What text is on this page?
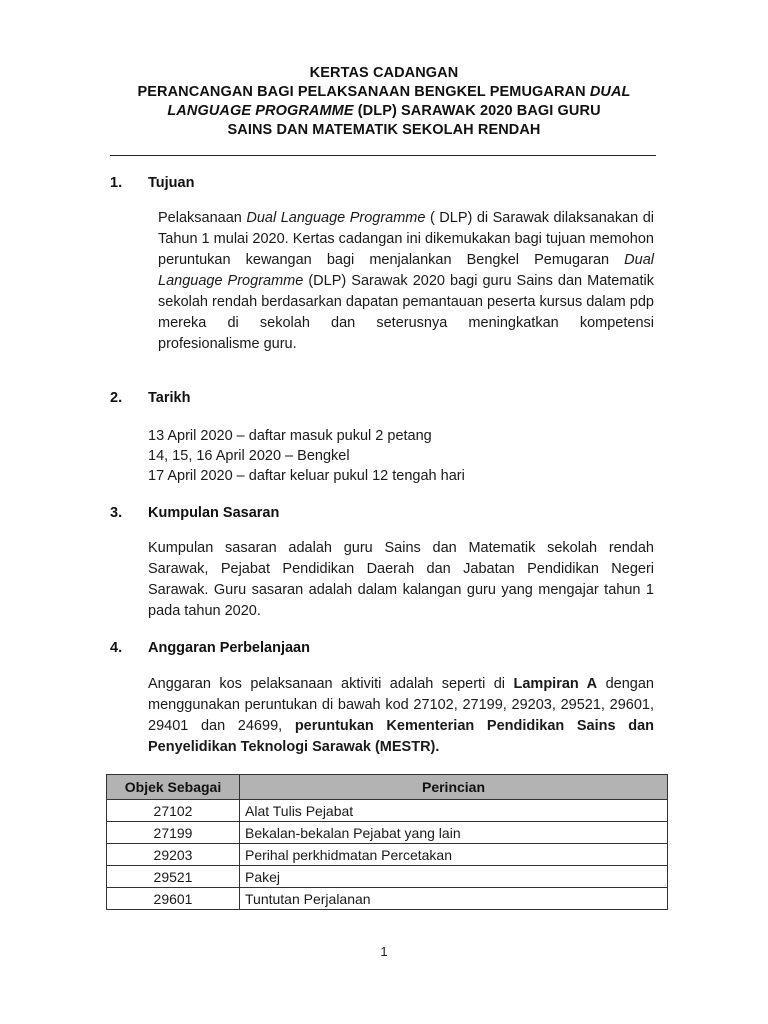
KERTAS CADANGAN
PERANCANGAN BAGI PELAKSANAAN BENGKEL PEMUGARAN DUAL
LANGUAGE PROGRAMME (DLP) SARAWAK 2020 BAGI GURU
SAINS DAN MATEMATIK SEKOLAH RENDAH
1. Tujuan
Pelaksanaan Dual Language Programme ( DLP) di Sarawak dilaksanakan di Tahun 1 mulai 2020. Kertas cadangan ini dikemukakan bagi tujuan memohon peruntukan kewangan bagi menjalankan Bengkel Pemugaran Dual Language Programme (DLP) Sarawak 2020 bagi guru Sains dan Matematik sekolah rendah berdasarkan dapatan pemantauan peserta kursus dalam pdp mereka di sekolah dan seterusnya meningkatkan kompetensi profesionalisme guru.
2. Tarikh
13 April 2020 – daftar masuk pukul 2 petang
14, 15, 16 April 2020 – Bengkel
17 April 2020 – daftar keluar pukul 12 tengah hari
3. Kumpulan Sasaran
Kumpulan sasaran adalah guru Sains dan Matematik sekolah rendah Sarawak, Pejabat Pendidikan Daerah dan Jabatan Pendidikan Negeri Sarawak. Guru sasaran adalah dalam kalangan guru yang mengajar tahun 1 pada tahun 2020.
4. Anggaran Perbelanjaan
Anggaran kos pelaksanaan aktiviti adalah seperti di Lampiran A dengan menggunakan peruntukan di bawah kod 27102, 27199, 29203, 29521, 29601, 29401 dan 24699, peruntukan Kementerian Pendidikan Sains dan Penyelidikan Teknologi Sarawak (MESTR).
Objek Sebagai	Perincian
27102	Alat Tulis Pejabat
27199	Bekalan-bekalan Pejabat yang lain
29203	Perihal perkhidmatan Percetakan
29521	Pakej
29601	Tuntutan Perjalanan
1
